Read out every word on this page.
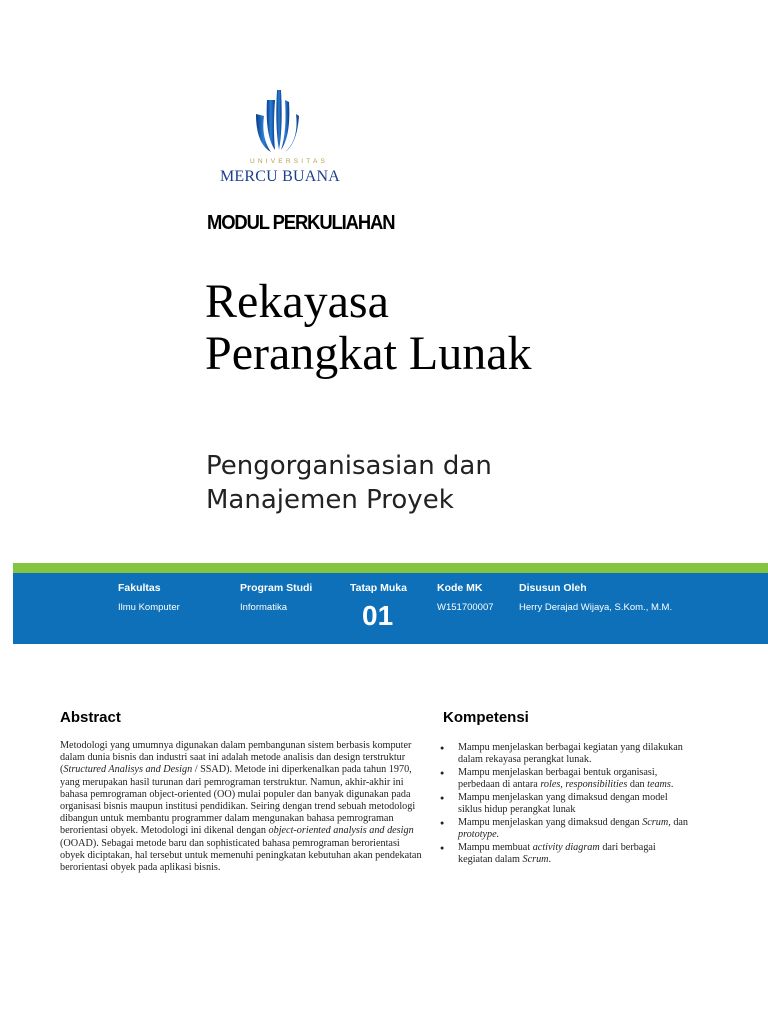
UNIVERSITAS
MERCU BUANA
MODUL PERKULIAHAN
Rekayasa
Perangkat Lunak
Pengorganisasian dan
Manajemen Proyek
Fakultas
Ilmu Komputer
Program Studi
Informatika
Tatap Muka
01
Kode MK
W151700007
Disusun Oleh
Herry Derajad Wijaya, S.Kom., M.M.
Abstract

Metodologi yang umumnya digunakan dalam pembangunan sistem berbasis komputer dalam dunia bisnis dan industri saat ini adalah metode analisis dan design terstruktur (Structured Analisys and Design / SSAD). Metode ini diperkenalkan pada tahun 1970, yang merupakan hasil turunan dari pemrograman terstruktur. Namun, akhir-akhir ini bahasa pemrograman object-oriented (OO) mulai populer dan banyak digunakan pada organisasi bisnis maupun institusi pendidikan. Seiring dengan trend sebuah metodologi dibangun untuk membantu programmer dalam mengunakan bahasa pemrograman berorientasi obyek. Metodologi ini dikenal dengan object-oriented analysis and design (OOAD). Sebagai metode baru dan sophisticated bahasa pemrograman berorientasi obyek diciptakan, hal tersebut untuk memenuhi peningkatan kebutuhan akan pendekatan berorientasi obyek pada aplikasi bisnis.

Kompetensi
● Mampu menjelaskan berbagai kegiatan yang dilakukan dalam rekayasa perangkat lunak.
● Mampu menjelaskan berbagai bentuk organisasi, perbedaan di antara roles, responsibilities dan teams.
● Mampu menjelaskan yang dimaksud dengan model siklus hidup perangkat lunak
● Mampu menjelaskan yang dimaksud dengan Scrum, dan prototype.
● Mampu membuat activity diagram dari berbagai kegiatan dalam Scrum.
